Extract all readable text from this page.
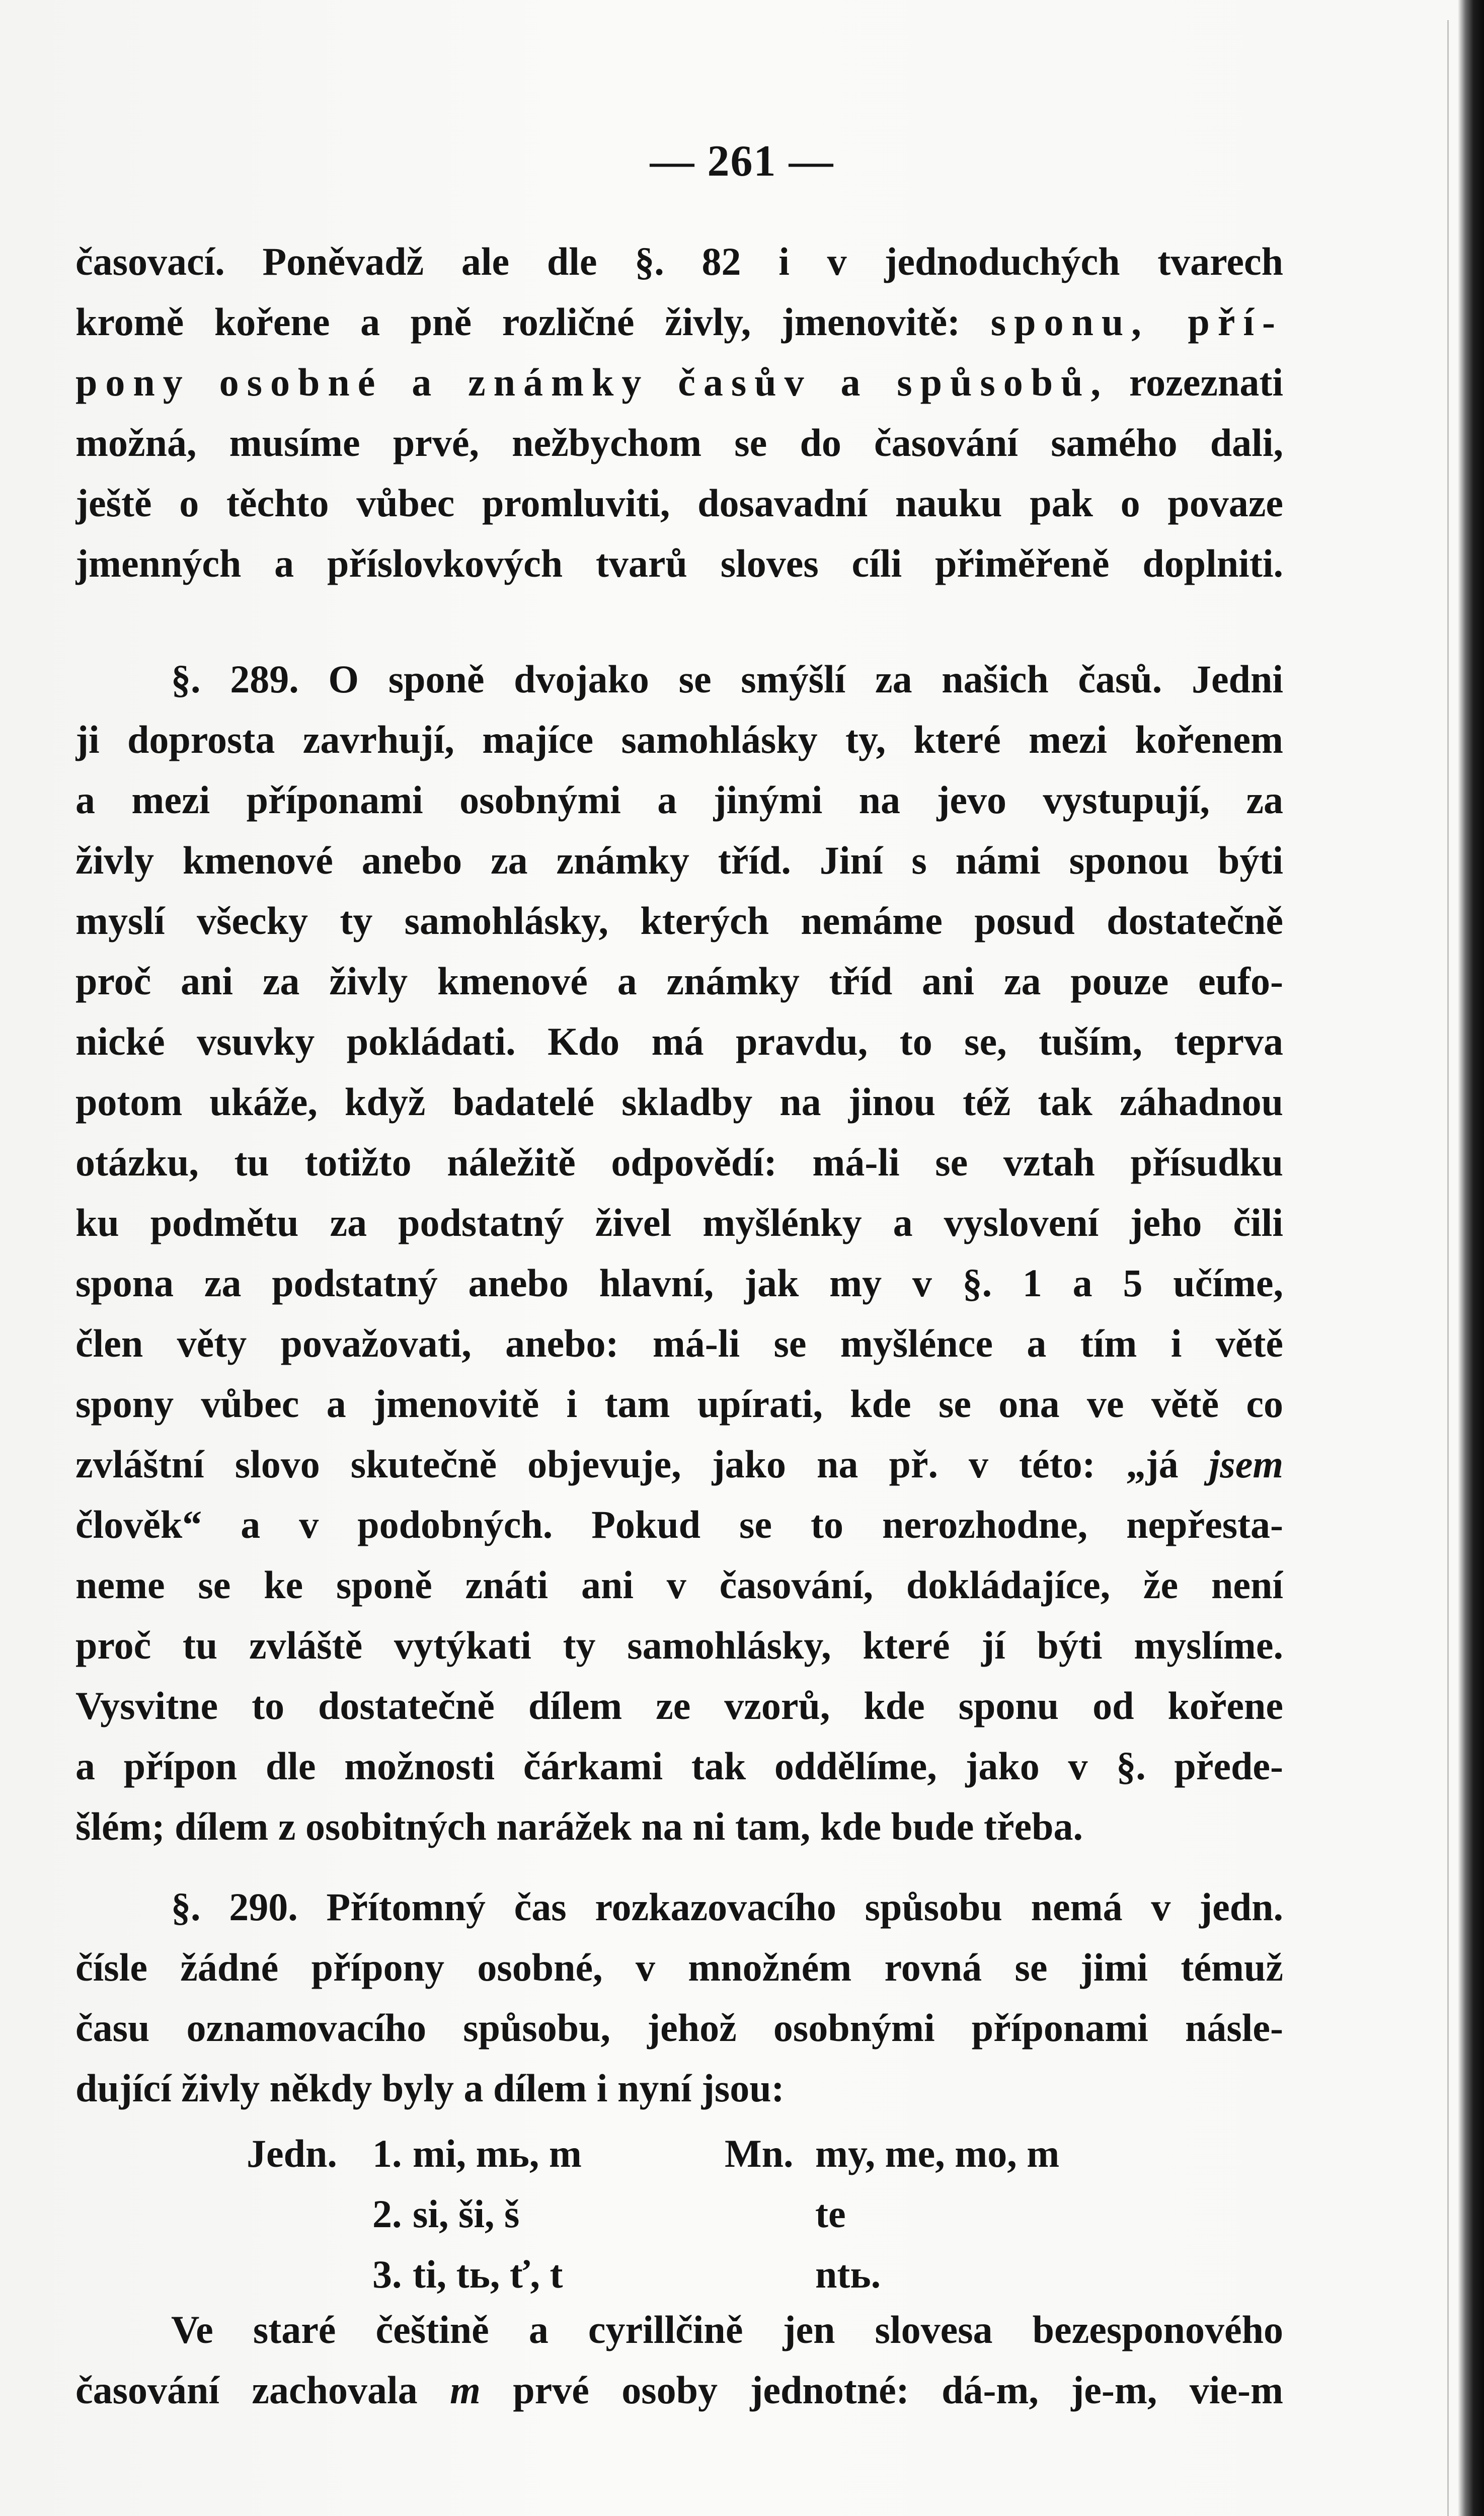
— 261 —
časovací. Poněvadž ale dle §. 82 i v jednoduchých tvarech
kromě kořene a pně rozličné živly, jmenovitě: sponu, pří-
pony osobné a známky časův a spůsobů, rozeznati
možná, musíme prvé, nežbychom se do časování samého dali,
ještě o těchto vůbec promluviti, dosavadní nauku pak o povaze
jmenných a příslovkových tvarů sloves cíli přiměřeně doplniti.
§. 289. O sponě dvojako se smýšlí za našich časů. Jedni
ji doprosta zavrhují, majíce samohlásky ty, které mezi kořenem
a mezi příponami osobnými a jinými na jevo vystupují, za
živly kmenové anebo za známky tříd. Jiní s námi sponou býti
myslí všecky ty samohlásky, kterých nemáme posud dostatečně
proč ani za živly kmenové a známky tříd ani za pouze eufo-
nické vsuvky pokládati. Kdo má pravdu, to se, tuším, teprva
potom ukáže, když badatelé skladby na jinou též tak záhadnou
otázku, tu totižto náležitě odpovědí: má-li se vztah přísudku
ku podmětu za podstatný živel myšlénky a vyslovení jeho čili
spona za podstatný anebo hlavní, jak my v §. 1 a 5 učíme,
člen věty považovati, anebo: má-li se myšlénce a tím i větě
spony vůbec a jmenovitě i tam upírati, kde se ona ve větě co
zvláštní slovo skutečně objevuje, jako na př. v této: „já jsem
člověk“ a v podobných. Pokud se to nerozhodne, nepřesta-
neme se ke sponě znáti ani v časování, dokládajíce, že není
proč tu zvláště vytýkati ty samohlásky, které jí býti myslíme.
Vysvitne to dostatečně dílem ze vzorů, kde sponu od kořene
a přípon dle možnosti čárkami tak oddělíme, jako v §. přede-
šlém; dílem z osobitných narážek na ni tam, kde bude třeba.
§. 290. Přítomný čas rozkazovacího spůsobu nemá v jedn.
čísle žádné přípony osobné, v množném rovná se jimi témuž
času oznamovacího spůsobu, jehož osobnými příponami násle-
dující živly někdy byly a dílem i nyní jsou:
Jedn. 1. mi, mь, m	Mn. my, me, mo, m
2. si, ši, š	te
3. ti, tь, ť, t	ntь.
Ve staré češtině a cyrillčině jen slovesa bezesponového
časování zachovala m prvé osoby jednotné: dá-m, je-m, vie-m
